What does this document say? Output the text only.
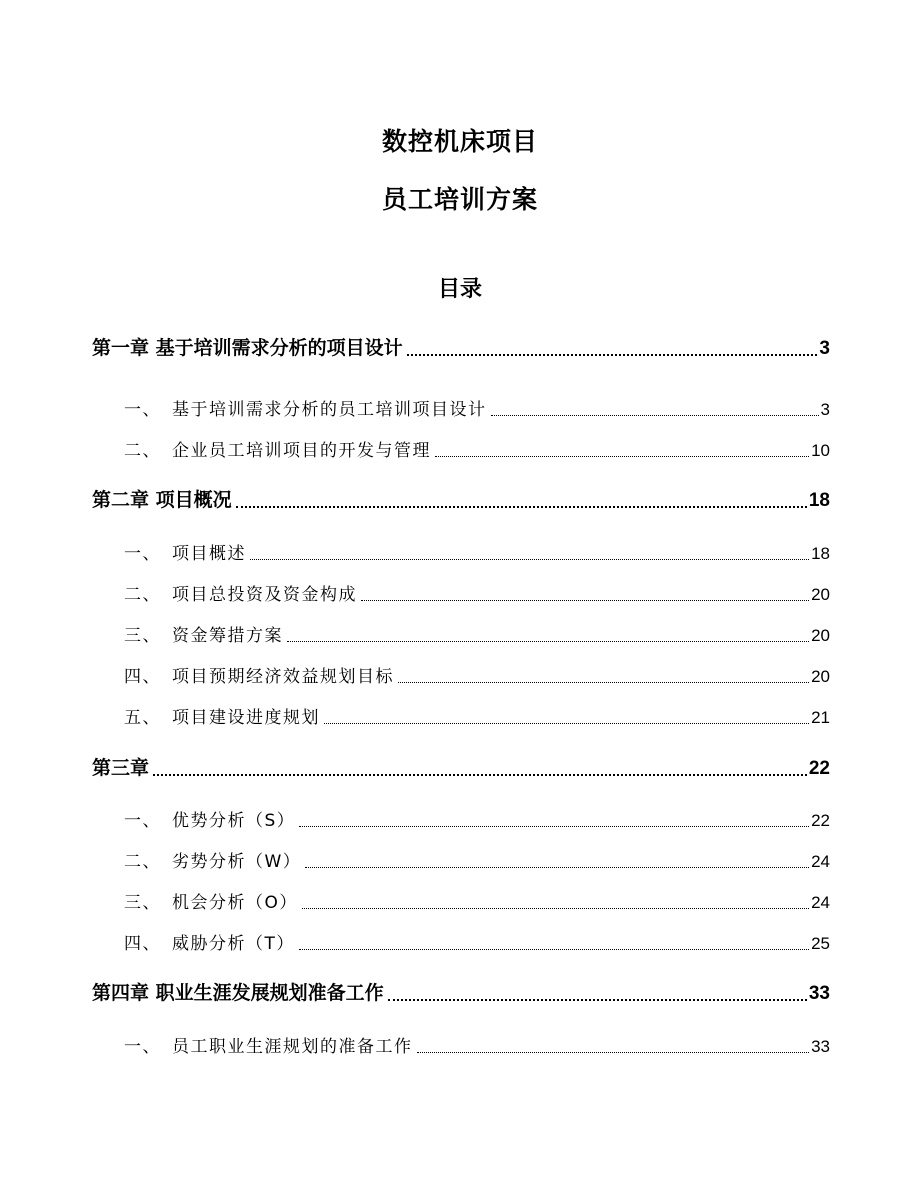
数控机床项目
员工培训方案
目录
第一章 基于培训需求分析的项目设计	3
一、 基于培训需求分析的员工培训项目设计	3
二、 企业员工培训项目的开发与管理	10
第二章 项目概况	18
一、 项目概述	18
二、 项目总投资及资金构成	20
三、 资金筹措方案	20
四、 项目预期经济效益规划目标	20
五、 项目建设进度规划	21
第三章	22
一、 优势分析（S）	22
二、 劣势分析（W）	24
三、 机会分析（O）	24
四、 威胁分析（T）	25
第四章 职业生涯发展规划准备工作	33
一、 员工职业生涯规划的准备工作	33
